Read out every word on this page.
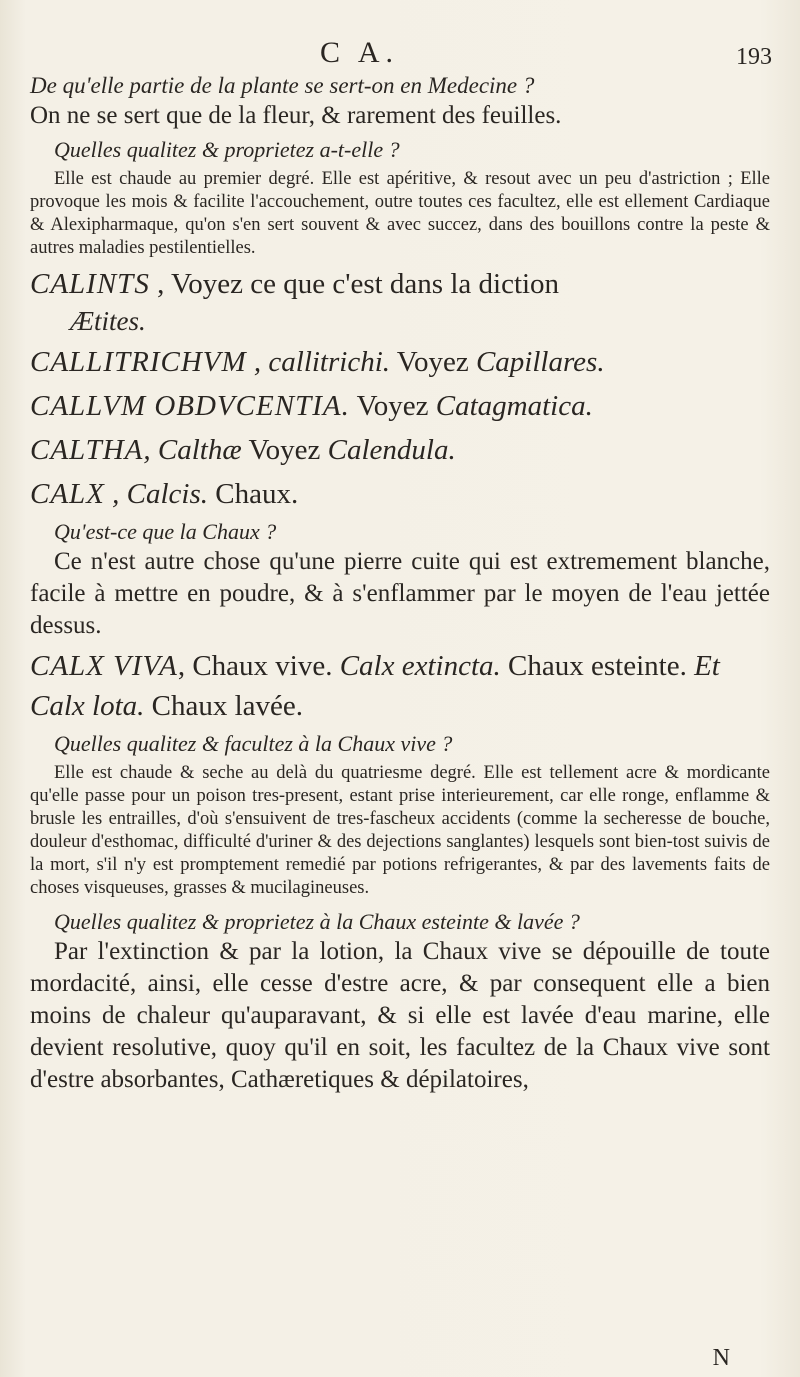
C A.	193

De qu'elle partie de la plante se sert-on en Medecine ?

On ne se sert que de la fleur, & rarement des feuilles.

Quelles qualitez & proprietez a-t-elle ?

Elle est chaude au premier degré. Elle est apéritive, & resout avec un peu d'astriction ; Elle provoque les mois & facilite l'accouchement, outre toutes ces facultez, elle est ellement Cardiaque & Alexipharmaque, qu'on s'en sert souvent & avec succez, dans des bouillons contre la peste & autres maladies pestilentielles.

CALINTS , Voyez ce que c'est dans la diction

Ætites.

CALLITRICHVM , callitrichi. Voyez Capillares.

CALLVM OBDVCENTIA. Voyez Catagmatica.

CALTHA, Calthæ Voyez Calendula.

CALX , Calcis. Chaux.

Qu'est-ce que la Chaux ?

Ce n'est autre chose qu'une pierre cuite qui est extremement blanche, facile à mettre en poudre, & à s'enflammer par le moyen de l'eau jettée dessus.

CALX VIVA, Chaux vive. Calx extincta. Chaux esteinte. Et Calx lota. Chaux lavée.

Quelles qualitez & facultez à la Chaux vive ?

Elle est chaude & seche au delà du quatriesme degré. Elle est tellement acre & mordicante qu'elle passe pour un poison tres-present, estant prise interieurement, car elle ronge, enflamme & brusle les entrailles, d'où s'ensuivent de tres-fascheux accidents (comme la secheresse de bouche, douleur d'esthomac, difficulté d'uriner & des dejections sanglantes) lesquels sont bien-tost suivis de la mort, s'il n'y est promptement remedié par potions refrigerantes, & par des lavements faits de choses visqueuses, grasses & mucilagineuses.

Quelles qualitez & proprietez à la Chaux esteinte & lavée ?

Par l'extinction & par la lotion, la Chaux vive se dépouille de toute mordacité, ainsi, elle cesse d'estre acre, & par consequent elle a bien moins de chaleur qu'auparavant, & si elle est lavée d'eau marine, elle devient resolutive, quoy qu'il en soit, les facultez de la Chaux vive sont d'estre absorbantes, Cathæretiques & dépilatoires,

N
